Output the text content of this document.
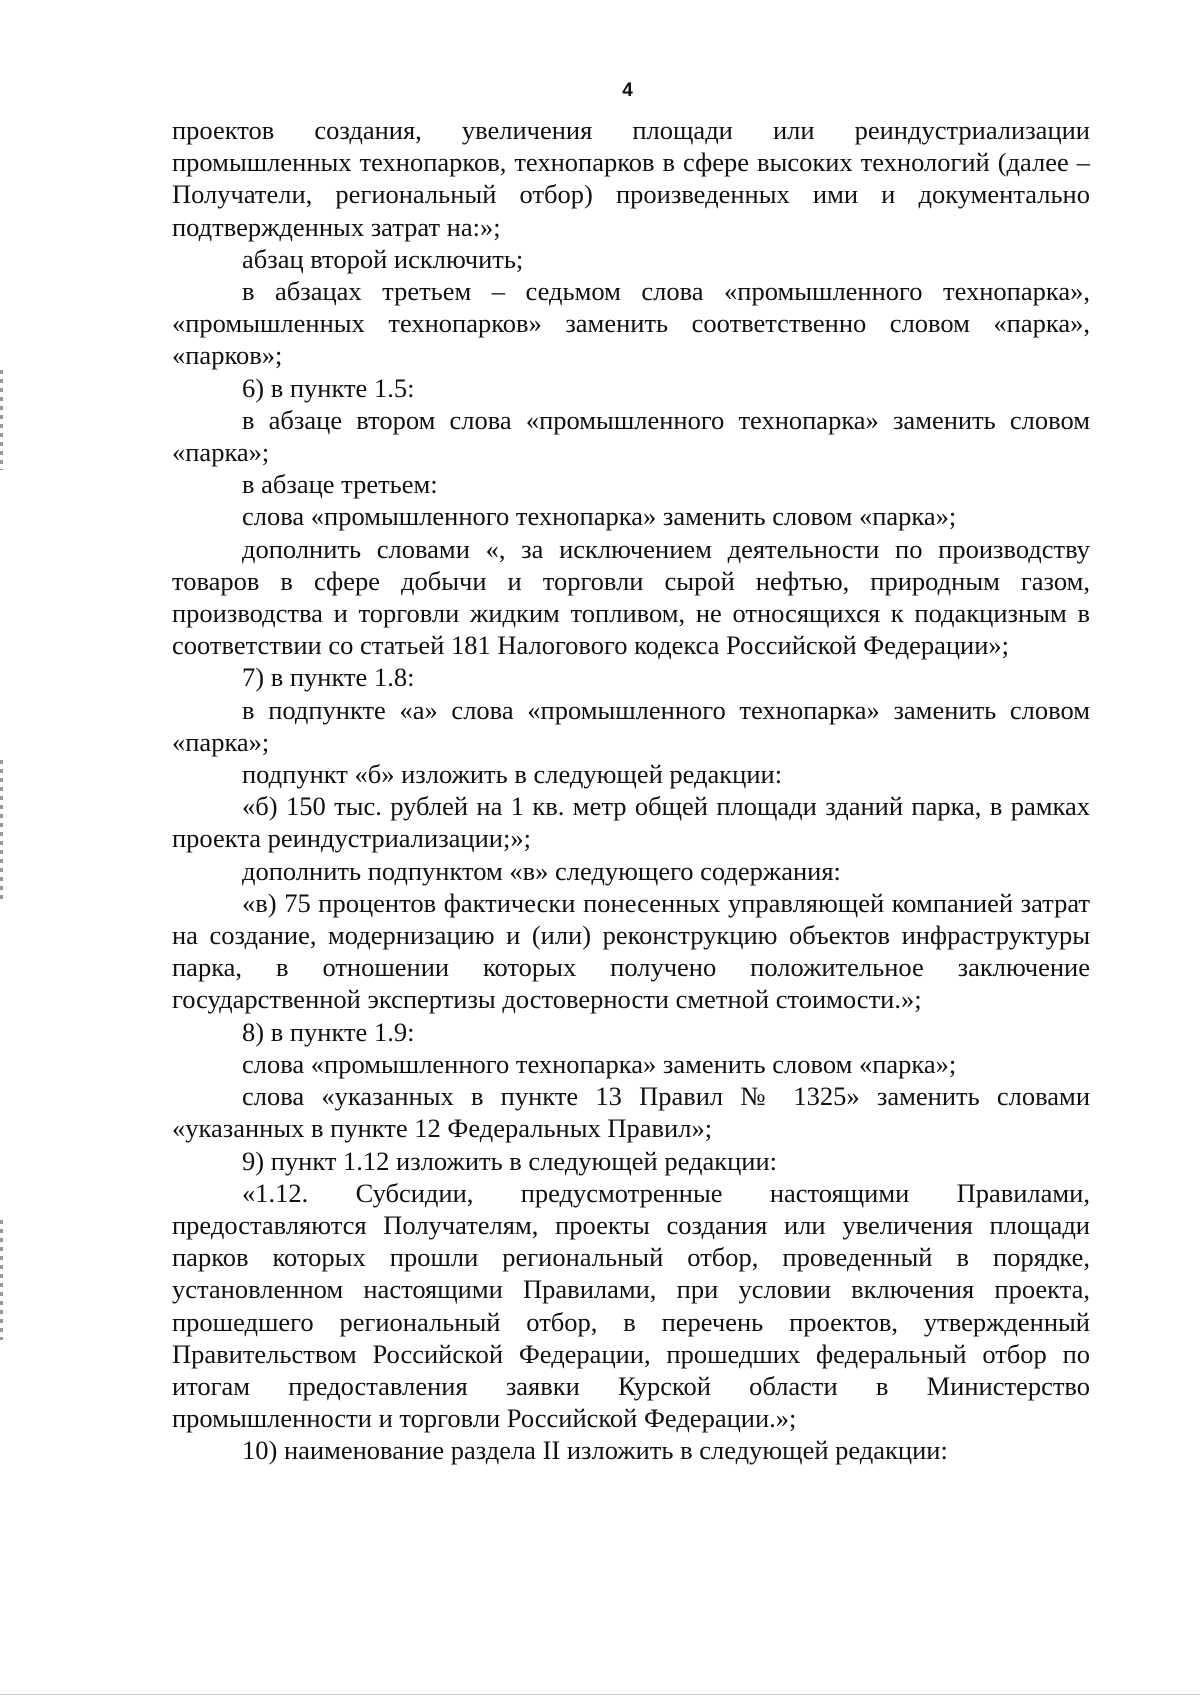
4

проектов создания, увеличения площади или реиндустриализации промышленных технопарков, технопарков в сфере высоких технологий (далее – Получатели, региональный отбор) произведенных ими и документально подтвержденных затрат на:»;

абзац второй исключить;

в абзацах третьем – седьмом слова «промышленного технопарка», «промышленных технопарков» заменить соответственно словом «парка», «парков»;

6) в пункте 1.5:

в абзаце втором слова «промышленного технопарка» заменить словом «парка»;

в абзаце третьем:

слова «промышленного технопарка» заменить словом «парка»;

дополнить словами «, за исключением деятельности по производству товаров в сфере добычи и торговли сырой нефтью, природным газом, производства и торговли жидким топливом, не относящихся к подакцизным в соответствии со статьей 181 Налогового кодекса Российской Федерации»;

7) в пункте 1.8:

в подпункте «а» слова «промышленного технопарка» заменить словом «парка»;

подпункт «б» изложить в следующей редакции:

«б) 150 тыс. рублей на 1 кв. метр общей площади зданий парка, в рамках проекта реиндустриализации;»;

дополнить подпунктом «в» следующего содержания:

«в) 75 процентов фактически понесенных управляющей компанией затрат на создание, модернизацию и (или) реконструкцию объектов инфраструктуры парка, в отношении которых получено положительное заключение государственной экспертизы достоверности сметной стоимости.»;

8) в пункте 1.9:

слова «промышленного технопарка» заменить словом «парка»;

слова «указанных в пункте 13 Правил № 1325» заменить словами «указанных в пункте 12 Федеральных Правил»;

9) пункт 1.12 изложить в следующей редакции:

«1.12. Субсидии, предусмотренные настоящими Правилами, предоставляются Получателям, проекты создания или увеличения площади парков которых прошли региональный отбор, проведенный в порядке, установленном настоящими Правилами, при условии включения проекта, прошедшего региональный отбор, в перечень проектов, утвержденный Правительством Российской Федерации, прошедших федеральный отбор по итогам предоставления заявки Курской области в Министерство промышленности и торговли Российской Федерации.»;

10) наименование раздела II изложить в следующей редакции:
